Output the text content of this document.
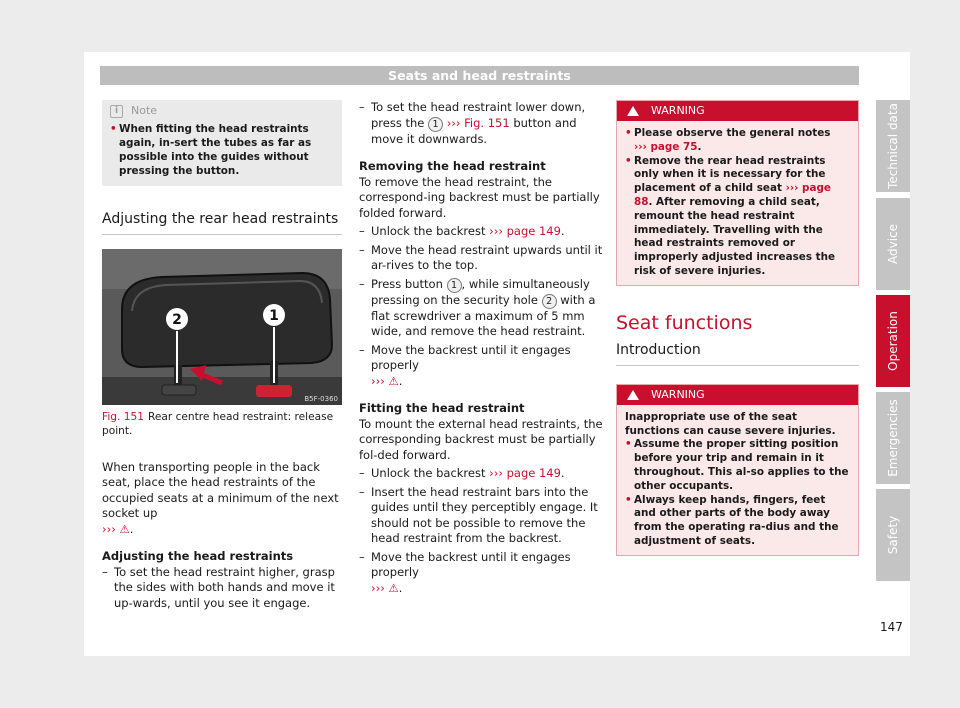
Seats and head restraints
i	Note
• When fitting the head restraints again, in-sert the tubes as far as possible into the guides without pressing the button.
Adjusting the rear head restraints
2	1
B5F-0360
Fig. 151 Rear centre head restraint: release point.
When transporting people in the back seat, place the head restraints of the occupied seats at a minimum of the next socket up
››› ⚠.
Adjusting the head restraints
– To set the head restraint higher, grasp the sides with both hands and move it up-wards, until you see it engage.
– To set the head restraint lower down, press the 1 ››› Fig. 151 button and move it downwards.
Removing the head restraint
To remove the head restraint, the correspond-ing backrest must be partially folded forward.
– Unlock the backrest ››› page 149.
– Move the head restraint upwards until it ar-rives to the top.
– Press button 1 , while simultaneously pressing on the security hole 2 with a flat screwdriver a maximum of 5 mm wide, and remove the head restraint.
– Move the backrest until it engages properly
››› ⚠.
Fitting the head restraint
To mount the external head restraints, the corresponding backrest must be partially fol-ded forward.
– Unlock the backrest ››› page 149.
– Insert the head restraint bars into the guides until they perceptibly engage. It should not be possible to remove the head restraint from the backrest.
– Move the backrest until it engages properly
››› ⚠.
WARNING
• Please observe the general notes
››› page 75.
• Remove the rear head restraints only when it is necessary for the placement of a child seat ››› page 88. After removing a child seat, remount the head restraint immediately. Travelling with the head restraints removed or improperly adjusted increases the risk of severe injuries.
Seat functions
Introduction
WARNING
Inappropriate use of the seat functions can cause severe injuries.
• Assume the proper sitting position before your trip and remain in it throughout. This al-so applies to the other occupants.
• Always keep hands, fingers, feet and other parts of the body away from the operating ra-dius and the adjustment of seats.
Technical data
Advice
Operation
Emergencies
Safety
147
